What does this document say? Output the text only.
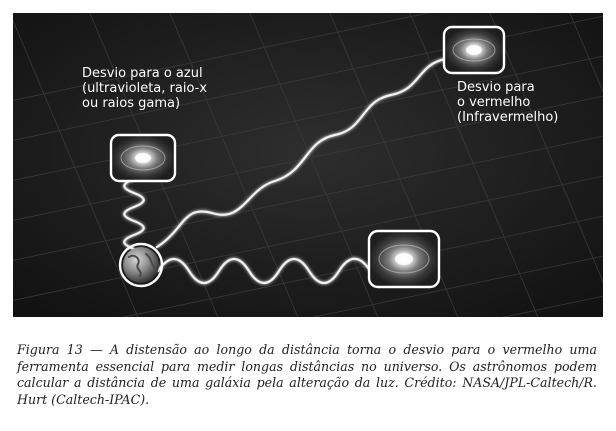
Desvio para o azul
(ultravioleta, raio-x
ou raios gama)
Desvio para
o vermelho
(Infravermelho)

Figura 13 — A distensão ao longo da distância torna o desvio para o vermelho uma ferramenta essencial para medir longas distâncias no universo. Os astrônomos podem calcular a distância de uma galáxia pela alteração da luz. Crédito: NASA/JPL-Caltech/R. Hurt (Caltech-IPAC).
